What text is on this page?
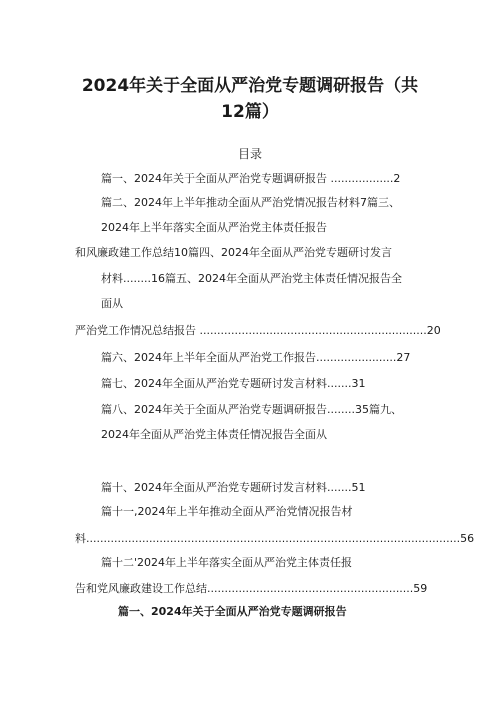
2024年关于全面从严治党专题调研报告（共
12篇）
目录
篇一、2024年关于全面从严治党专题调研报告 ..................2
篇二、2024年上半年推动全面从严治党情况报告材料7篇三、
2024年上半年落实全面从严治党主体责任报告
和风廉政建工作总结10篇四、2024年全面从严治党专题研讨发言
材料........16篇五、2024年全面从严治党主体责任情况报告全
面从
严治党工作情况总结报告 .................................................................20
篇六、2024年上半年全面从严治党工作报告.......................27
篇七、2024年全面从严治党专题研讨发言材料.......31
篇八、2024年关于全面从严治党专题调研报告........35篇九、
2024年全面从严治党主体责任情况报告全面从
篇十、2024年全面从严治党专题研讨发言材料.......51
篇十一,2024年上半年推动全面从严治党情况报告材
料...........................................................................................................56
篇十二'2024年上半年落实全面从严治党主体责任报
告和党风廉政建设工作总结...........................................................59
篇一、2024年关于全面从严治党专题调研报告
